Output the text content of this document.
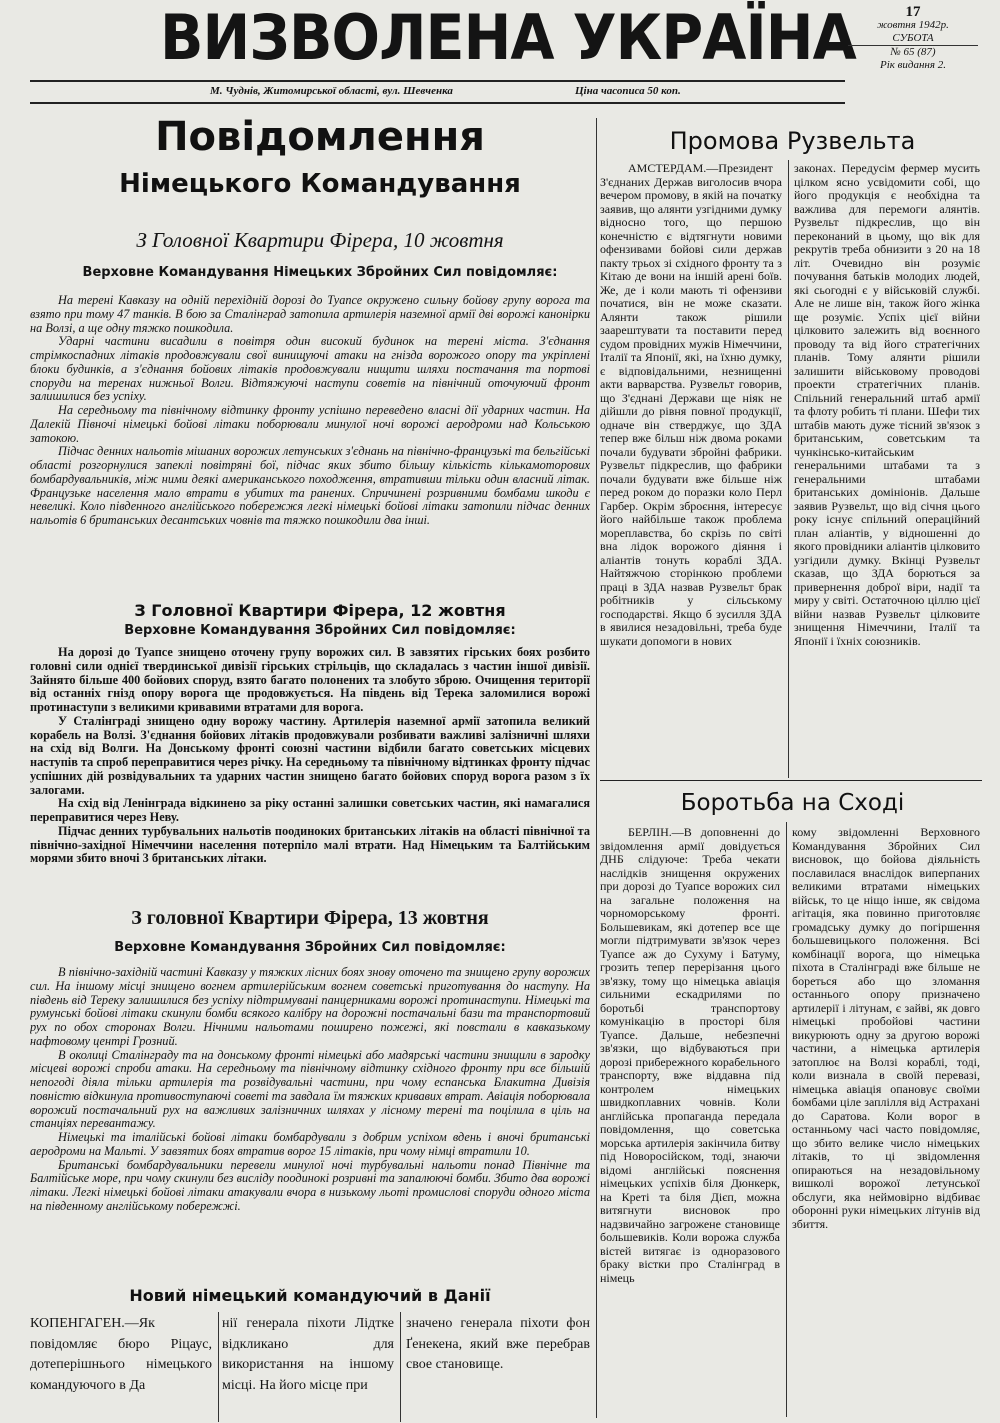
ВИЗВОЛЕНА УКРАЇНА	17
жовтня 1942р.
СУБОТА
№ 65 (87)
Рік видання 2.
М. Чуднів, Житомирської області, вул. Шевченка	Ціна часописа 50 коп.
Повідомлення
Німецького Командування
З Головної Квартири Фірера, 10 жовтня
Верховне Командування Німецьких Збройних Сил повідомляє:

На терені Кавказу на одній перехідній дорозі до Туапсе окружено сильну бойову групу ворога та взято при тому 47 танків. В бою за Сталінград затопила артилерія наземної армії дві ворожі канонірки на Волзі, а ще одну тяжко пошкодила.

Ударні частини висадили в повітря один високий будинок на терені міста. З'єднання стрімкоспадних літаків продовжували свої винищуючі атаки на гнізда ворожого опору та укріплені блоки будинків, а з'єднання бойових літаків продовжували нищити шляхи постачання та портові споруди на теренах нижньої Волги. Відтяжуючі наступи советів на північний оточуючий фронт залишилися без успіху.

На середньому та північному відтинку фронту успішно переведено власні дії ударних частин. На Далекій Півночі німецькі бойові літаки поборювали минулої ночі ворожі аеродроми над Кольською затокою.

Підчас денних нальотів мішаних ворожих летунських з'єднань на північно-французькі та бельгійські області розгорнулися запеклі повітряні бої, підчас яких збито більшу кількість кількамоторових бомбардувальників, між ними деякі американського походження, втративши тільки один власний літак. Французьке населення мало втрати в убитих та ранених. Спричинені розривними бомбами шкоди є невеликі. Коло південного англійського побережжя легкі німецькі бойові літаки затопили підчас денних нальотів 6 британських десантських човнів та тяжко пошкодили два інші.

З Головної Квартири Фірера, 12 жовтня
Верховне Командування Збройних Сил повідомляє:

На дорозі до Туапсе знищено оточену групу ворожих сил. В завзятих гірських боях розбито головні сили однієї твердинської дивізії гірських стрільців, що складалась з частин іншої дивізії. Зайнято більше 400 бойових споруд, взято багато полонених та злобуто зброю. Очищення території від останніх гнізд опору ворога ще продовжується. На південь від Терека заломилися ворожі протинаступи з великими кривавими втратами для ворога.

У Сталінграді знищено одну ворожу частину. Артилерія наземної армії затопила великий корабель на Волзі. З'єднання бойових літаків продовжували розбивати важливі залізничні шляхи на схід від Волги. На Донському фронті союзні частини відбили багато советських місцевих наступів та спроб переправитися через річку. На середньому та північному відтинках фронту підчас успішних дій розвідувальних та ударних частин знищено багато бойових споруд ворога разом з їх залогами.

На схід від Ленінграда відкинено за ріку останні залишки советських частин, які намагалися переправитися через Неву.

Підчас денних турбувальних нальотів поодиноких британських літаків на області північної та північно-західної Німеччини населення потерпіло малі втрати. Над Німецьким та Балтійським морями збито вночі 3 британських літаки.

З головної Квартири Фірера, 13 жовтня
Верховне Командування Збройних Сил повідомляє:

В північно-західній частині Кавказу у тяжких лісних боях знову оточено та знищено групу ворожих сил. На іншому місці знищено вогнем артилерійським вогнем советські приготування до наступу. На південь від Тереку залишилися без успіху підтримувані панцерниками ворожі протинаступи. Німецькі та румунські бойові літаки скинули бомби всякого калібру на дорожні постачальні бази та транспортовий рух по обох сторонах Волги. Нічними нальотами поширено пожежі, які повстали в кавказькому нафтовому центрі Грозний.

В околиці Сталінграду та на донському фронті німецькі або мадярські частини знищили в зародку місцеві ворожі спроби атаки. На середньому та північному відтинку східного фронту при все більшій непогоді діяла тільки артилерія та розвідувальні частини, при чому еспанська Блакитна Дивізія повністю відкинула противоступаючі советі та завдала їм тяжких кривавих втрат. Авіація поборювала ворожий постачальний рух на важливих залізничних шляхах у лісному терені та поцілила в ціль на станціях перевантажу.

Німецькі та італійські бойові літаки бомбардували з добрим успіхом вдень і вночі британські аеродроми на Мальті. У завзятих боях втратив ворог 15 літаків, при чому німці втратили 10.

Британські бомбардувальники перевели минулої ночі турбувальні нальоти понад Північне та Балтійське море, при чому скинули без висліду поодинокі розривні та запалюючі бомби. Збито два ворожі літаки. Легкі німецькі бойові літаки атакували вчора в низькому льоті промислові споруди одного міста на південному англійському побережжі.

Новий німецький командуючий в Данії

КОПЕНГАГЕН.—Як повідомляє бюро Ріцаус, дотеперішнього німецького командуючого в Да

нії генерала піхоти Лідтке відкликано для використання на іншому місці. На його місце при

значено генерала піхоти фон Ґенекена, який вже перебрав свое становище.

Промова Рузвельта

АМСТЕРДАМ.—Президент З'єднаних Держав виголосив вчора вечером промову, в якій на початку заявив, що алянти узгідними думку відносно того, що першою конечністю є відтягнути новими офензивами бойові сили держав пакту трьох зі східного фронту та з Кітаю де вони на іншій арені боїв. Же, де і коли мають ті офензиви початися, він не може сказати. Алянти також рішили заарештувати та поставити перед судом провідних мужів Німеччини, Італії та Японії, які, на їхню думку, є відповідальними, незнищенні акти варварства. Рузвельт говорив, що З'єднані Держави ще ніяк не дійшли до рівня повної продукції, одначе він стверджує, що ЗДА тепер вже більш ніж двома роками почали будувати збройні фабрики. Рузвельт підкреслив, що фабрики почали будувати вже більше ніж перед роком до поразки коло Перл Гарбер. Окрім зброєння, інтересує його найбільше також проблема мореплавства, бо скрізь по світі вна лідок ворожого діяння і аліантів тонуть кораблі ЗДА. Найтяжчою сторінкою проблеми праці в ЗДА назвав Рузвельт брак робітників у сільському господарстві. Якщо б зусилля ЗДА в явилися незадовільні, треба буде шукати допомоги в нових

законах. Передусім фермер мусить цілком ясно усвідомити собі, що його продукція є необхідна та важлива для перемоги алянтів. Рузвельт підкреслив, що він переконаний в цьому, що вік для рекрутів треба обнизити з 20 на 18 літ. Очевидно він розуміє почування батьків молодих людей, які сьогодні є у військовій службі. Але не лише він, також його жінка ще розуміє. Успіх цієї війни цілковито залежить від воєнного проводу та від його стратегічних планів. Тому алянти рішили залишити військовому проводові проекти стратегічних планів. Спільний генеральний штаб армії та флоту робить ті плани. Шефи тих штабів мають дуже тісний зв'язок з британським, советським та чункінсько-китайським генеральними штабами та з генеральними штабами британських домініонів. Дальше заявив Рузвельт, що від січня цього року існує спільний операційний план аліантів, у відношенні до якого провідники аліантів цілковито узгідили думку. Вкінці Рузвельт сказав, що ЗДА борються за привернення доброї віри, надії та миру у світі. Остаточною ціллю цієї війни назвав Рузвельт цілковите знищення Німеччини, Італії та Японії і їхніх союзників.

Боротьба на Сході

БЕРЛІН.—В доповненні до звідомлення армії довідується ДНБ слідуюче: Треба чекати наслідків знищення окружених при дорозі до Туапсе ворожих сил на загальне положення на чорноморському фронті. Большевикам, які дотепер все ще могли підтримувати зв'язок через Туапсе аж до Сухуму і Батуму, грозить тепер перерізання цього зв'язку, тому що німецька авіація сильними ескадрилями по боротьбі транспортову комунікацію в просторі біля Туапсе. Дальше, небезпечні зв'язки, що відбуваються при дорозі прибережного корабельного транспорту, вже віддавна під контролем німецьких швидкоплавних човнів. Коли англійська пропаганда передала повідомлення, що советська морська артилерія закінчила битву під Новоросійском, тоді, знаючи відомі англійські пояснення німецьких успіхів біля Дюнкерк, на Креті та біля Дієп, можна витягнути висновок про надзвичайно загрожене становище большевиків. Коли ворожа служба вістей витягає із одноразового браку вістки про Сталінград в німець

кому звідомленні Верховного Командування Збройних Сил висновок, що бойова діяльність пославилася внаслідок виперпаних великими втратами німецьких військ, то це ніщо інше, як свідома агітація, яка повинно приготовляє громадську думку до погіршення большевицького положення. Всі комбінації ворога, що німецька піхота в Сталінграді вже більше не бореться або що зломання останнього опору призначено артилерії і літунам, є зайві, як довго німецькі пробойові частини викурюють одну за другою ворожі частини, а німецька артилерія затоплює на Волзі кораблі, тоді, коли визнала в своїй перевазі, німецька авіація опановує своїми бомбами ціле заплілля від Астрахані до Саратова. Коли ворог в останньому часі часто повідомляє, що збито велике число німецьких літаків, то ці звідомлення опираються на незадовільному вишколі ворожої летунської обслуги, яка неймовірно відбиває оборонні руки німецьких літунів від збиття.
